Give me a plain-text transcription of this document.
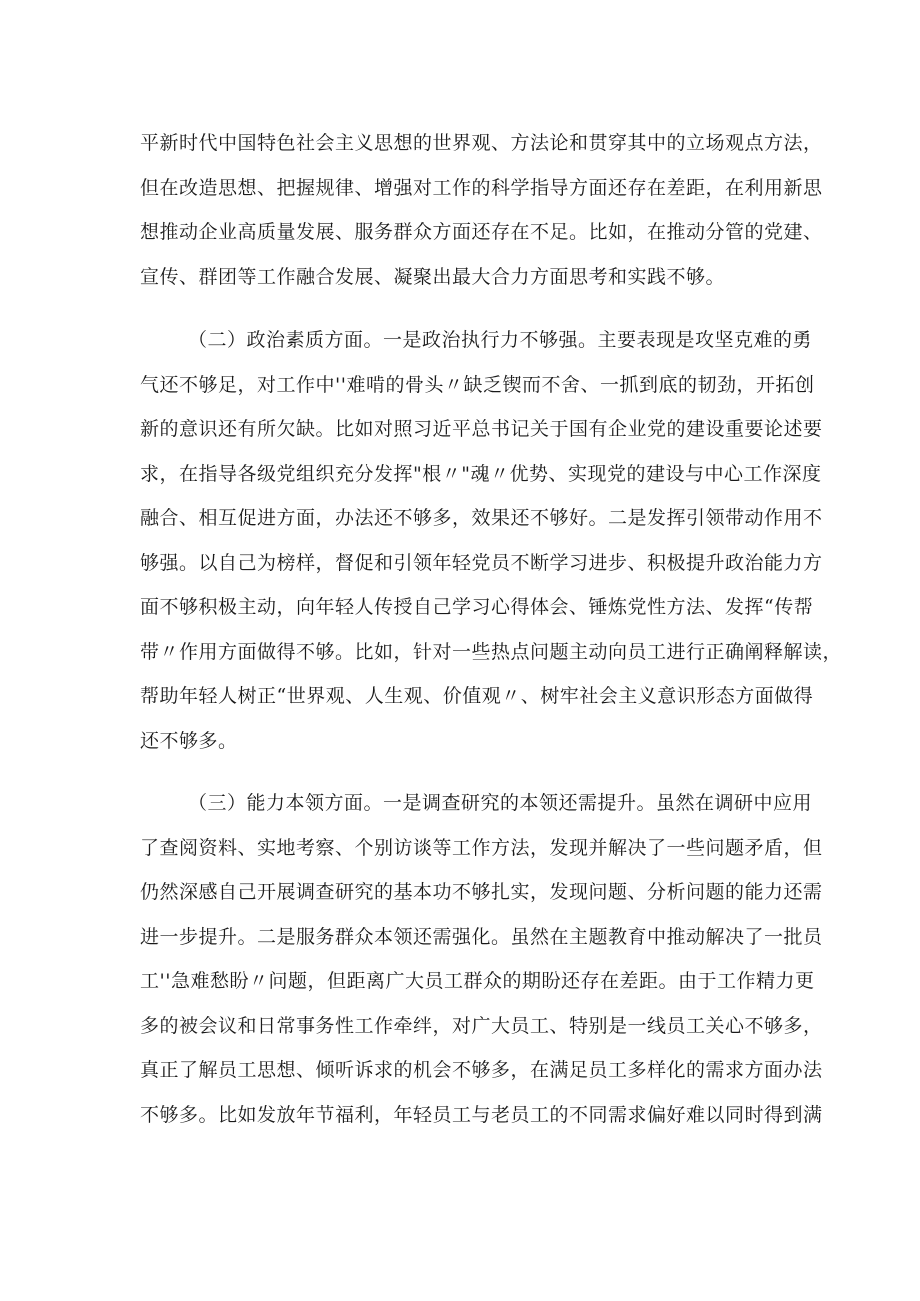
平新时代中国特色社会主义思想的世界观、方法论和贯穿其中的立场观点方法，
但在改造思想、把握规律、增强对工作的科学指导方面还存在差距，在利用新思
想推动企业高质量发展、服务群众方面还存在不足。比如，在推动分管的党建、
宣传、群团等工作融合发展、凝聚出最大合力方面思考和实践不够。
（二）政治素质方面。一是政治执行力不够强。主要表现是攻坚克难的勇
气还不够足，对工作中''难啃的骨头〃缺乏锲而不舍、一抓到底的韧劲，开拓创
新的意识还有所欠缺。比如对照习近平总书记关于国有企业党的建设重要论述要
求，在指导各级党组织充分发挥"根〃"魂〃优势、实现党的建设与中心工作深度
融合、相互促进方面，办法还不够多，效果还不够好。二是发挥引领带动作用不
够强。以自己为榜样，督促和引领年轻党员不断学习进步、积极提升政治能力方
面不够积极主动，向年轻人传授自己学习心得体会、锤炼党性方法、发挥“传帮
带〃作用方面做得不够。比如，针对一些热点问题主动向员工进行正确阐释解读，
帮助年轻人树正“世界观、人生观、价值观〃、树牢社会主义意识形态方面做得
还不够多。
（三）能力本领方面。一是调查研究的本领还需提升。虽然在调研中应用
了查阅资料、实地考察、个别访谈等工作方法，发现并解决了一些问题矛盾，但
仍然深感自己开展调查研究的基本功不够扎实，发现问题、分析问题的能力还需
进一步提升。二是服务群众本领还需强化。虽然在主题教育中推动解决了一批员
工''急难愁盼〃问题，但距离广大员工群众的期盼还存在差距。由于工作精力更
多的被会议和日常事务性工作牵绊，对广大员工、特别是一线员工关心不够多，
真正了解员工思想、倾听诉求的机会不够多，在满足员工多样化的需求方面办法
不够多。比如发放年节福利，年轻员工与老员工的不同需求偏好难以同时得到满
